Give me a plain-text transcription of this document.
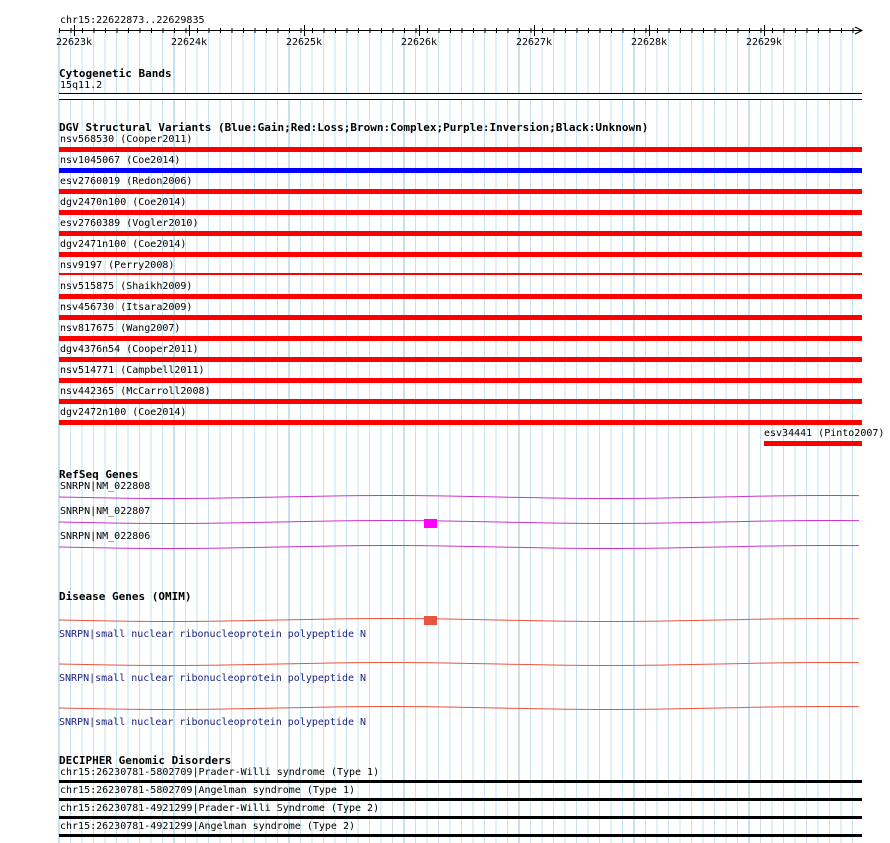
chr15:22622873..22629835
22623k	22624k	22625k	22626k	22627k	22628k	22629k
Cytogenetic Bands
15q11.2
DGV Structural Variants (Blue:Gain;Red:Loss;Brown:Complex;Purple:Inversion;Black:Unknown)
nsv568530 (Cooper2011)
nsv1045067 (Coe2014)
esv2760019 (Redon2006)
dgv2470n100 (Coe2014)
esv2760389 (Vogler2010)
dgv2471n100 (Coe2014)
nsv9197 (Perry2008)
nsv515875 (Shaikh2009)
nsv456730 (Itsara2009)
nsv817675 (Wang2007)
dgv4376n54 (Cooper2011)
nsv514771 (Campbell2011)
nsv442365 (McCarroll2008)
dgv2472n100 (Coe2014)
esv34441 (Pinto2007)
RefSeq Genes
SNRPN|NM_022808
SNRPN|NM_022807
SNRPN|NM_022806
Disease Genes (OMIM)
SNRPN|small nuclear ribonucleoprotein polypeptide N
SNRPN|small nuclear ribonucleoprotein polypeptide N
SNRPN|small nuclear ribonucleoprotein polypeptide N
DECIPHER Genomic Disorders
chr15:26230781-5802709|Prader-Willi syndrome (Type 1)
chr15:26230781-5802709|Angelman syndrome (Type 1)
chr15:26230781-4921299|Prader-Willi Syndrome (Type 2)
chr15:26230781-4921299|Angelman syndrome (Type 2)
